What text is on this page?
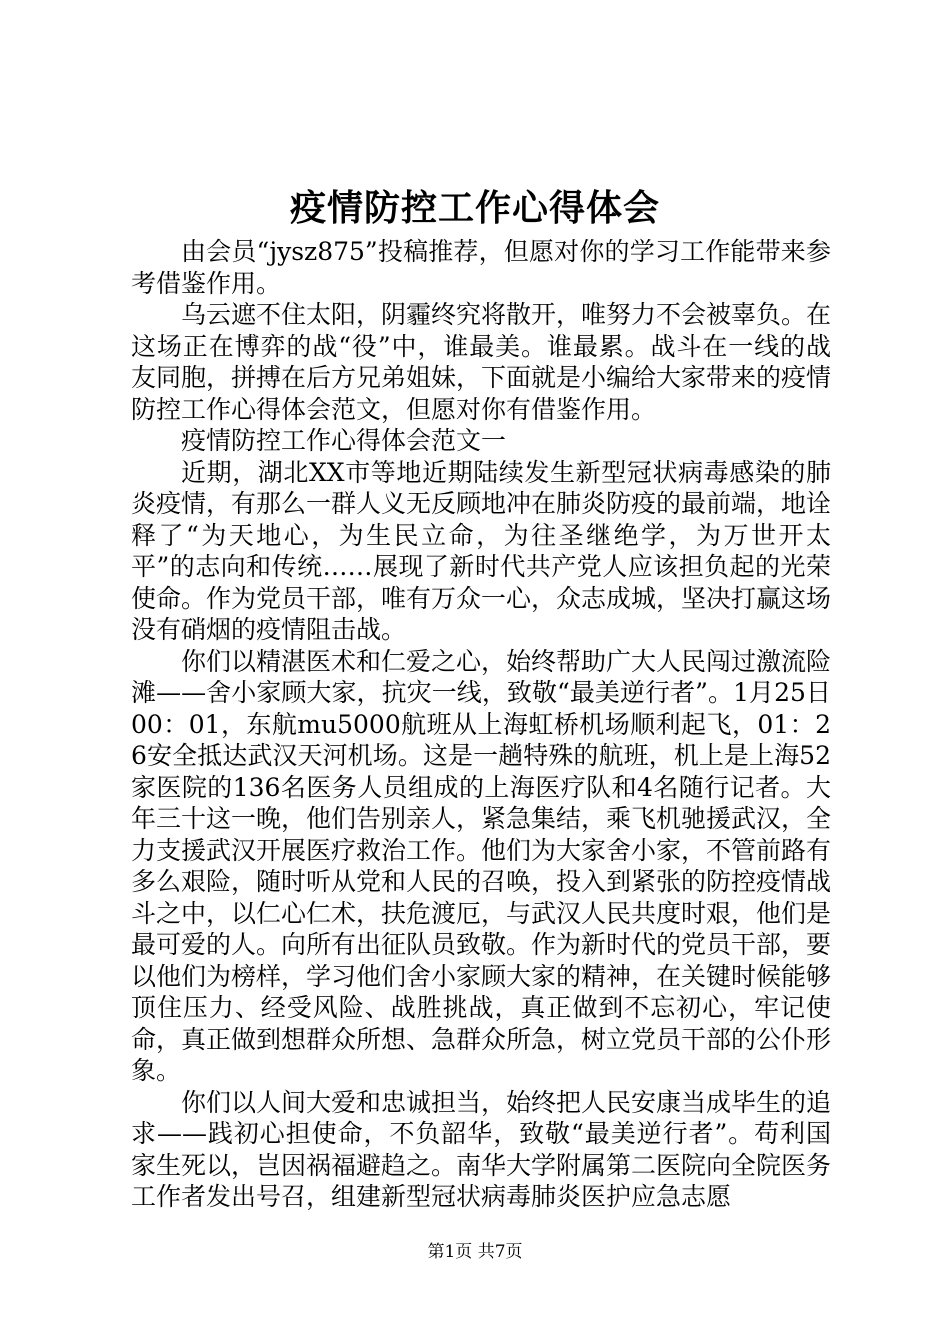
疫情防控工作心得体会

由会员“jysz875”投稿推荐，但愿对你的学习工作能带来参考借鉴作用。

乌云遮不住太阳，阴霾终究将散开，唯努力不会被辜负。在这场正在博弈的战“役”中，谁最美。谁最累。战斗在一线的战友同胞，拼搏在后方兄弟姐妹，下面就是小编给大家带来的疫情防控工作心得体会范文，但愿对你有借鉴作用。

疫情防控工作心得体会范文一

近期，湖北XX市等地近期陆续发生新型冠状病毒感染的肺炎疫情，有那么一群人义无反顾地冲在肺炎防疫的最前端，地诠释了“为天地心，为生民立命，为往圣继绝学，为万世开太平”的志向和传统……展现了新时代共产党人应该担负起的光荣使命。作为党员干部，唯有万众一心，众志成城，坚决打赢这场没有硝烟的疫情阻击战。

你们以精湛医术和仁爱之心，始终帮助广大人民闯过激流险滩——舍小家顾大家，抗灾一线，致敬“最美逆行者”。1月25日00：01，东航mu5000航班从上海虹桥机场顺利起飞，01：26安全抵达武汉天河机场。这是一趟特殊的航班，机上是上海52家医院的136名医务人员组成的上海医疗队和4名随行记者。大年三十这一晚，他们告别亲人，紧急集结，乘飞机驰援武汉，全力支援武汉开展医疗救治工作。他们为大家舍小家，不管前路有多么艰险，随时听从党和人民的召唤，投入到紧张的防控疫情战斗之中，以仁心仁术，扶危渡厄，与武汉人民共度时艰，他们是最可爱的人。向所有出征队员致敬。作为新时代的党员干部，要以他们为榜样，学习他们舍小家顾大家的精神，在关键时候能够顶住压力、经受风险、战胜挑战，真正做到不忘初心，牢记使命，真正做到想群众所想、急群众所急，树立党员干部的公仆形象。

你们以人间大爱和忠诚担当，始终把人民安康当成毕生的追求——践初心担使命，不负韶华，致敬“最美逆行者”。苟利国家生死以，岂因祸福避趋之。南华大学附属第二医院向全院医务工作者发出号召，组建新型冠状病毒肺炎医护应急志愿

第1页 共7页
